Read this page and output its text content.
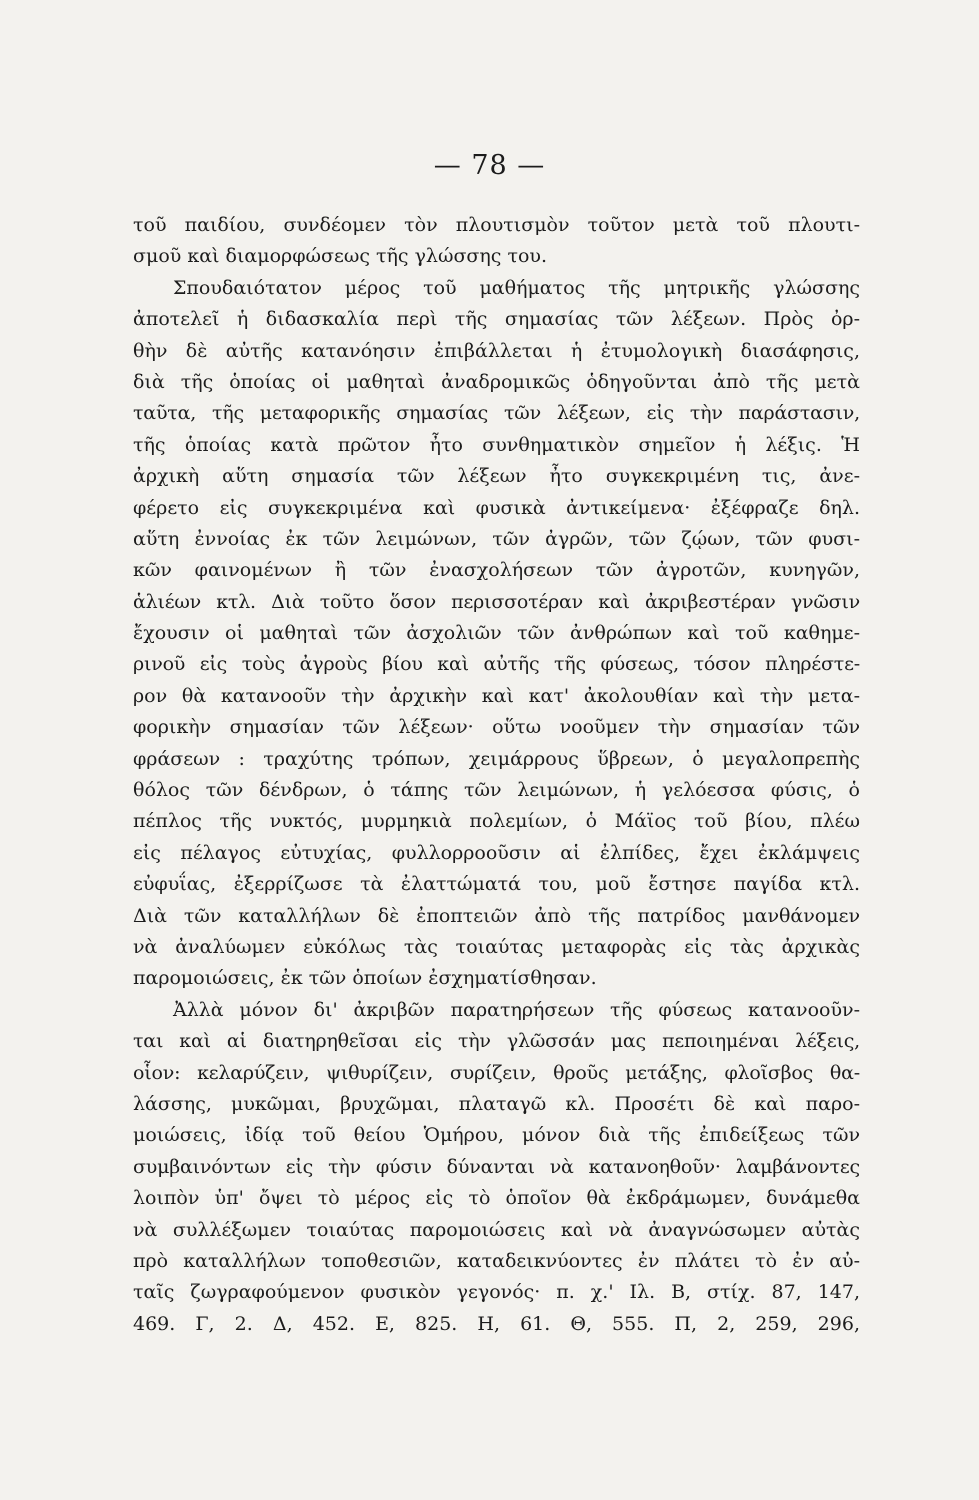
— 78 —
τοῦ παιδίου, συνδέομεν τὸν πλουτισμὸν τοῦτον μετὰ τοῦ πλουτι-
σμοῦ καὶ διαμορφώσεως τῆς γλώσσης του.
Σπουδαιότατον μέρος τοῦ μαθήματος τῆς μητρικῆς γλώσσης
ἀποτελεῖ ἡ διδασκαλία περὶ τῆς σημασίας τῶν λέξεων. Πρὸς ὀρ-
θὴν δὲ αὐτῆς κατανόησιν ἐπιβάλλεται ἡ ἐτυμολογικὴ διασάφησις,
διὰ τῆς ὁποίας οἱ μαθηταὶ ἀναδρομικῶς ὁδηγοῦνται ἀπὸ τῆς μετὰ
ταῦτα, τῆς μεταφορικῆς σημασίας τῶν λέξεων, εἰς τὴν παράστασιν,
τῆς ὁποίας κατὰ πρῶτον ἦτο συνθηματικὸν σημεῖον ἡ λέξις. Ἡ
ἀρχικὴ αὕτη σημασία τῶν λέξεων ἦτο συγκεκριμένη τις, ἀνε-
φέρετο εἰς συγκεκριμένα καὶ φυσικὰ ἀντικείμενα· ἐξέφραζε δηλ.
αὕτη ἐννοίας ἐκ τῶν λειμώνων, τῶν ἀγρῶν, τῶν ζῴων, τῶν φυσι-
κῶν φαινομένων ἢ τῶν ἐνασχολήσεων τῶν ἀγροτῶν, κυνηγῶν,
ἁλιέων κτλ. Διὰ τοῦτο ὅσον περισσοτέραν καὶ ἀκριβεστέραν γνῶσιν
ἔχουσιν οἱ μαθηταὶ τῶν ἀσχολιῶν τῶν ἀνθρώπων καὶ τοῦ καθημε-
ρινοῦ εἰς τοὺς ἀγροὺς βίου καὶ αὐτῆς τῆς φύσεως, τόσον πληρέστε-
ρον θὰ κατανοοῦν τὴν ἀρχικὴν καὶ κατ' ἀκολουθίαν καὶ τὴν μετα-
φορικὴν σημασίαν τῶν λέξεων· οὕτω νοοῦμεν τὴν σημασίαν τῶν
φράσεων : τραχύτης τρόπων, χειμάρρους ὕβρεων, ὁ μεγαλοπρεπὴς
θόλος τῶν δένδρων, ὁ τάπης τῶν λειμώνων, ἡ γελόεσσα φύσις, ὁ
πέπλος τῆς νυκτός, μυρμηκιὰ πολεμίων, ὁ Μάϊος τοῦ βίου, πλέω
εἰς πέλαγος εὐτυχίας, φυλλορροοῦσιν αἱ ἐλπίδες, ἔχει ἐκλάμψεις
εὐφυΐας, ἐξερρίζωσε τὰ ἐλαττώματά του, μοῦ ἔστησε παγίδα κτλ.
Διὰ τῶν καταλλήλων δὲ ἐποπτειῶν ἀπὸ τῆς πατρίδος μανθάνομεν
νὰ ἀναλύωμεν εὐκόλως τὰς τοιαύτας μεταφορὰς εἰς τὰς ἀρχικὰς
παρομοιώσεις, ἐκ τῶν ὁποίων ἐσχηματίσθησαν.
Ἀλλὰ μόνον δι' ἀκριβῶν παρατηρήσεων τῆς φύσεως κατανοοῦν-
ται καὶ αἱ διατηρηθεῖσαι εἰς τὴν γλῶσσάν μας πεποιημέναι λέξεις,
οἷον: κελαρύζειν, ψιθυρίζειν, συρίζειν, θροῦς μετάξης, φλοῖσβος θα-
λάσσης, μυκῶμαι, βρυχῶμαι, πλαταγῶ κλ. Προσέτι δὲ καὶ παρο-
μοιώσεις, ἰδίᾳ τοῦ θείου Ὁμήρου, μόνον διὰ τῆς ἐπιδείξεως τῶν
συμβαινόντων εἰς τὴν φύσιν δύνανται νὰ κατανοηθοῦν· λαμβάνοντες
λοιπὸν ὑπ' ὄψει τὸ μέρος εἰς τὸ ὁποῖον θὰ ἐκδράμωμεν, δυνάμεθα
νὰ συλλέξωμεν τοιαύτας παρομοιώσεις καὶ νὰ ἀναγνώσωμεν αὐτὰς
πρὸ καταλλήλων τοποθεσιῶν, καταδεικνύοντες ἐν πλάτει τὸ ἐν αὐ-
ταῖς ζωγραφούμενον φυσικὸν γεγονός· π. χ.' Ιλ. Β, στίχ. 87, 147,
469. Γ, 2. Δ, 452. Ε, 825. Η, 61. Θ, 555. Π, 2, 259, 296,
